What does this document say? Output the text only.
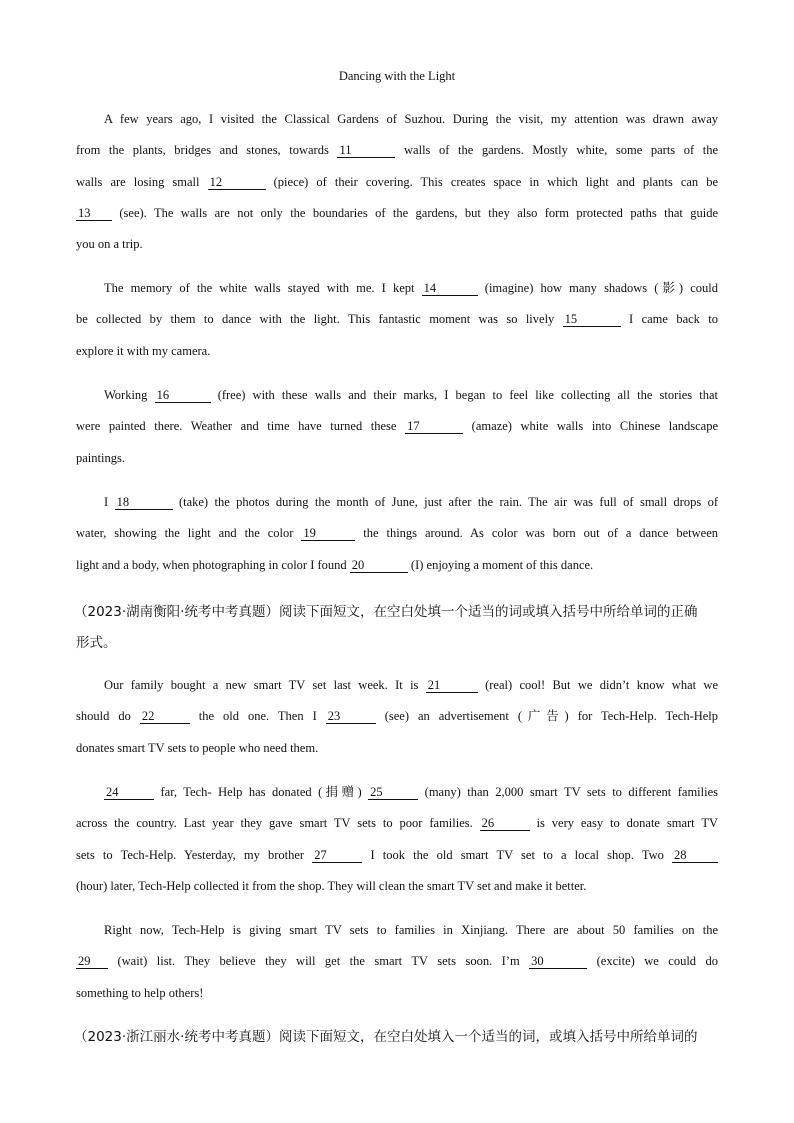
Dancing with the Light
A few years ago, I visited the Classical Gardens of Suzhou. During the visit, my attention was drawn away
from the plants, bridges and stones, towards 11	walls of the gardens. Mostly white, some parts of the
walls are losing small 12	(piece) of their covering. This creates space in which light and plants can be
13 (see). The walls are not only the boundaries of the gardens, but they also form protected paths that guide
you on a trip.
The memory of the white walls stayed with me. I kept 14	(imagine) how many shadows (影) could
be collected by them to dance with the light. This fantastic moment was so lively 15	I came back to
explore it with my camera.
Working 16	(free) with these walls and their marks, I began to feel like collecting all the stories that
were painted there. Weather and time have turned these 17	(amaze) white walls into Chinese landscape
paintings.
I 18	(take) the photos during the month of June, just after the rain. The air was full of small drops of
water, showing the light and the color 19	the things around. As color was born out of a dance between
light and a body, when photographing in color I found 20	(I) enjoying a moment of this dance.
（2023·湖南衡阳·统考中考真题）阅读下面短文，在空白处填一个适当的词或填入括号中所给单词的正确
形式。
Our family bought a new smart TV set last week. It is 21	(real) cool! But we didn’t know what we
should do 22	the old one. Then I 23	(see) an advertisement (广告) for Tech-Help. Tech-Help
donates smart TV sets to people who need them.
24	far, Tech- Help has donated (捐赠) 25	(many) than 2,000 smart TV sets to different families
across the country. Last year they gave smart TV sets to poor families. 26	is very easy to donate smart TV
sets to Tech-Help. Yesterday, my brother 27	I took the old smart TV set to a local shop. Two 28
(hour) later, Tech-Help collected it from the shop. They will clean the smart TV set and make it better.
Right now, Tech-Help is giving smart TV sets to families in Xinjiang. There are about 50 families on the
29 (wait) list. They believe they will get the smart TV sets soon. I’m 30	(excite) we could do
something to help others!
（2023·浙江丽水·统考中考真题）阅读下面短文，在空白处填入一个适当的词，或填入括号中所给单词的
